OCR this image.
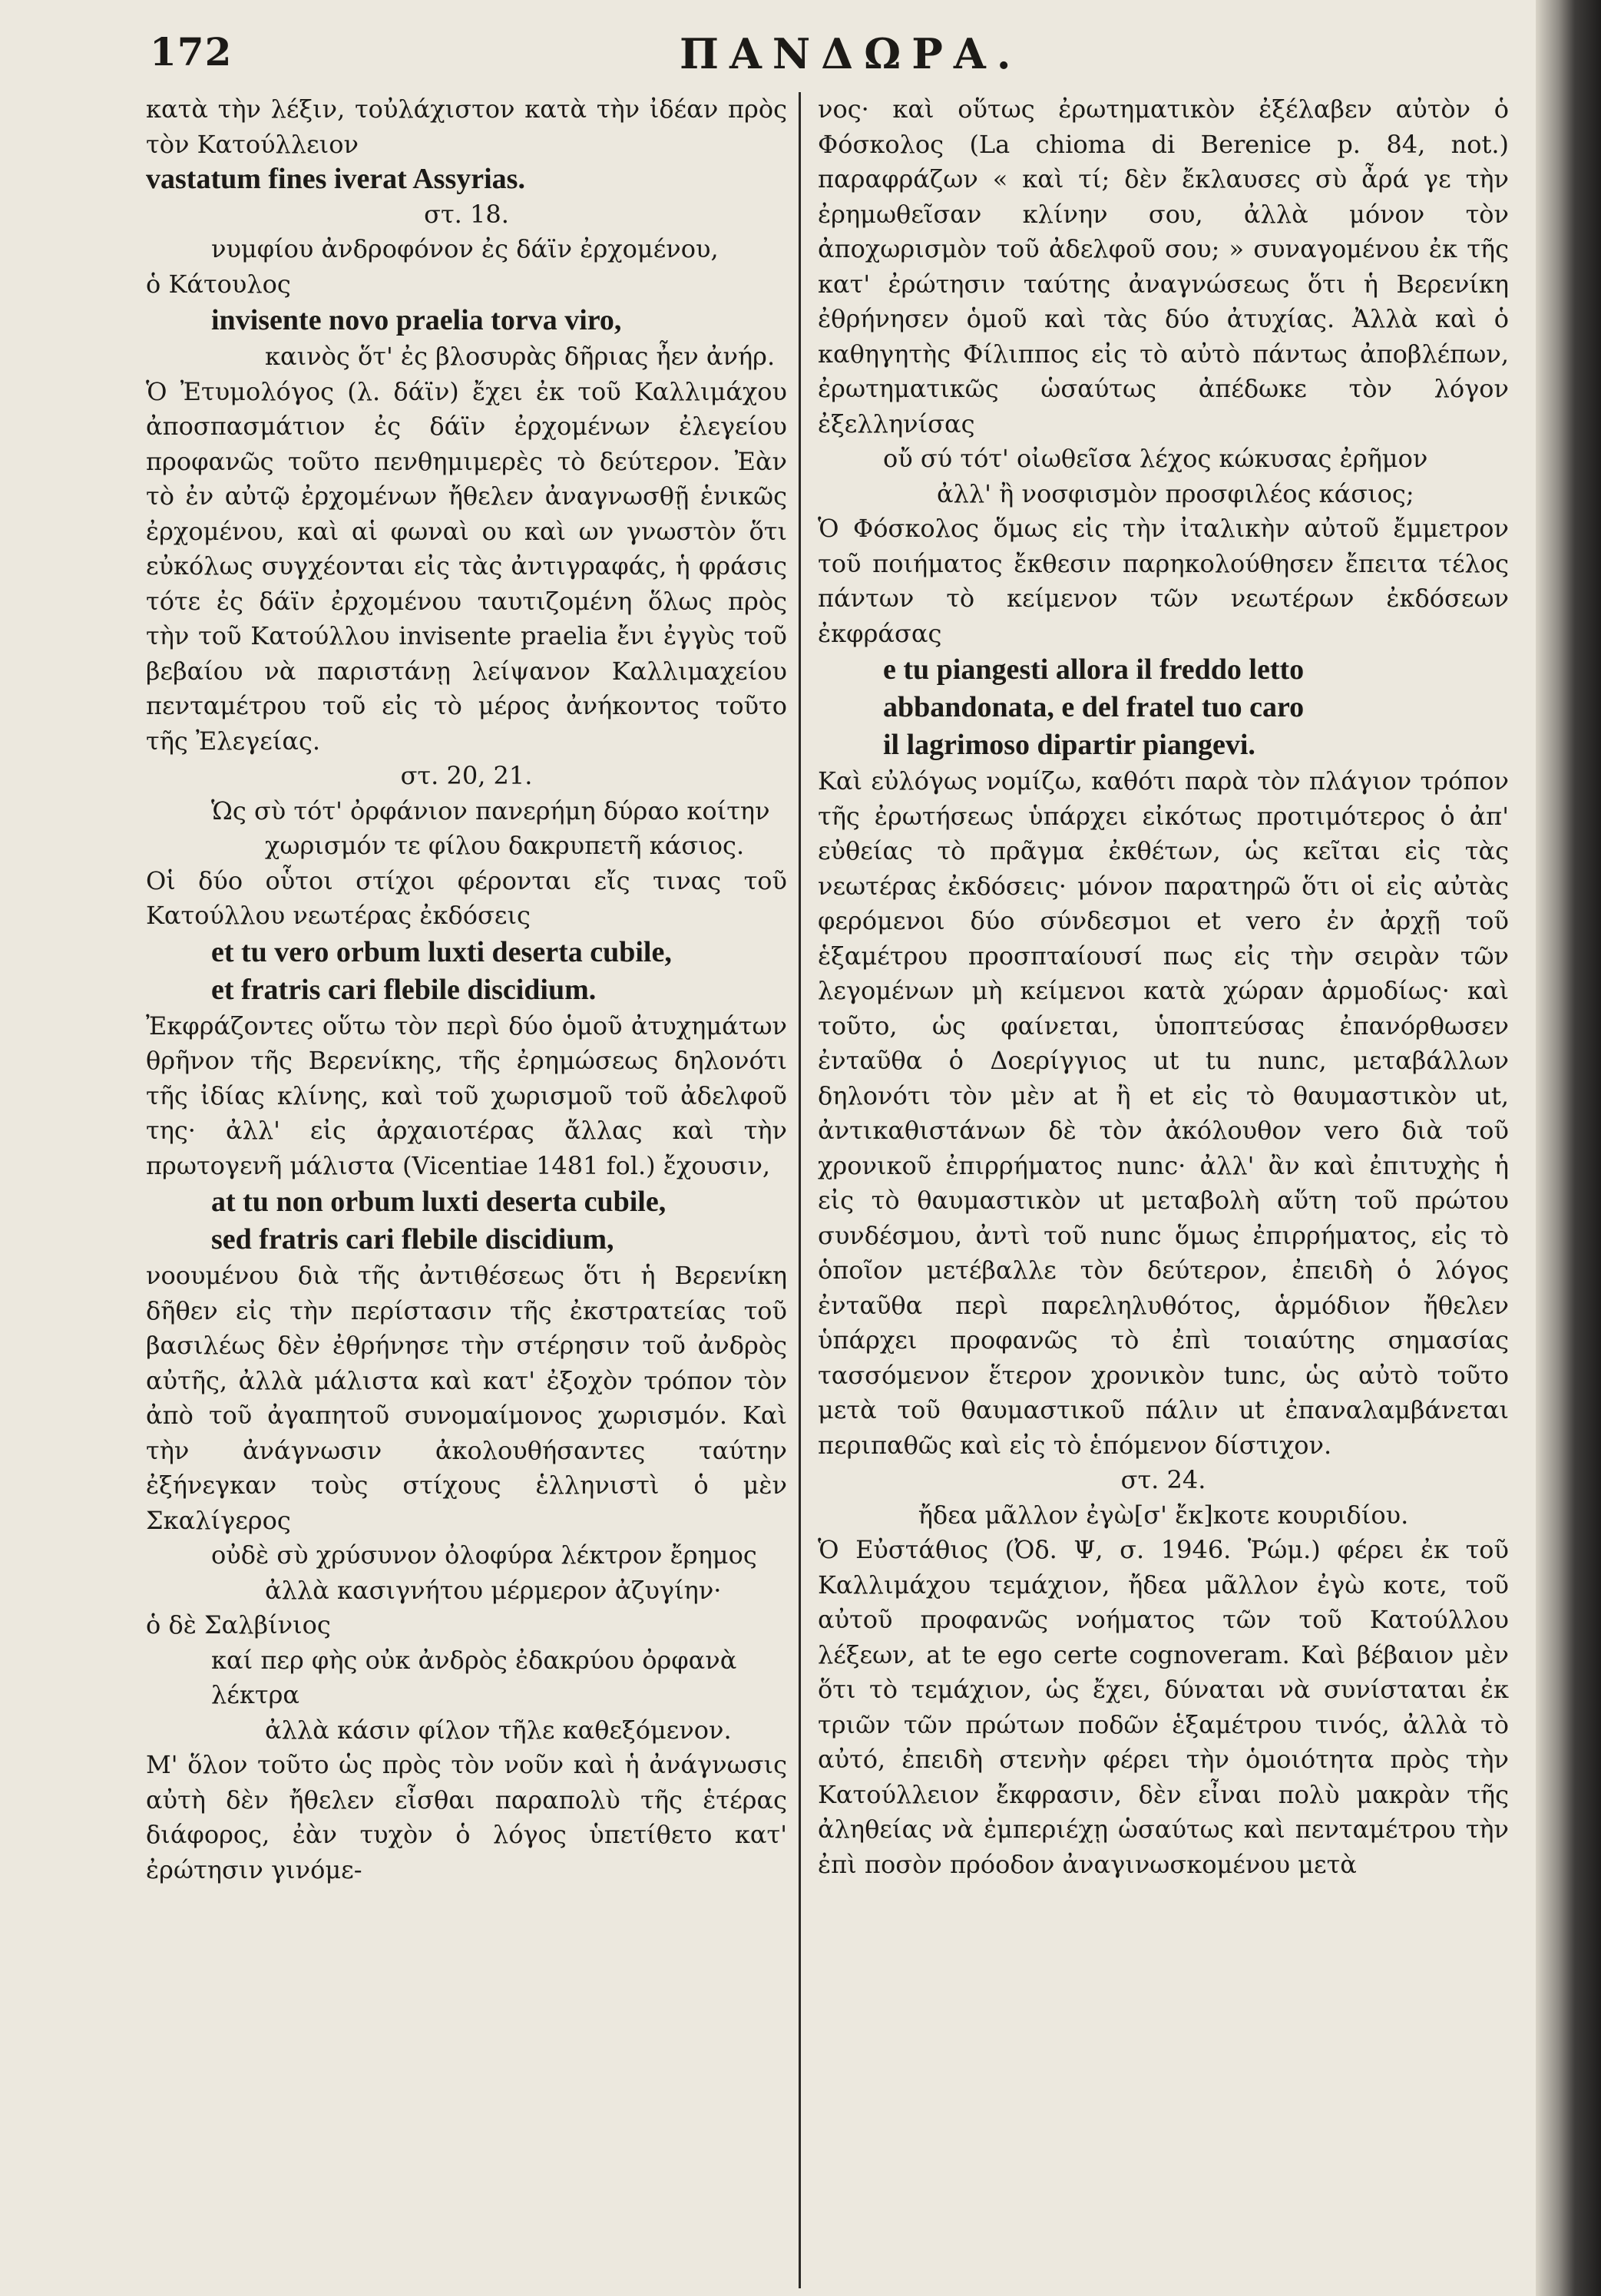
172	ΠΑΝΔΩΡΑ.
κατὰ τὴν λέξιν, τοὐλάχιστον κατὰ τὴν ἰδέαν πρὸς τὸν Κατούλλειον
vastatum fines iverat Assyrias.
στ. 18.
νυμφίου ἀνδροφόνον ἐς δάϊν ἐρχομένου,
ὁ Κάτουλος
invisente novo praelia torva viro,
καινὸς ὅτ' ἐς βλοσυρὰς δῆριας ἦεν ἀνήρ.
Ὁ Ἐτυμολόγος (λ. δάϊν) ἔχει ἐκ τοῦ Καλλιμάχου ἀποσπασμάτιον ἐς δάϊν ἐρχομένων ἐλεγείου προφανῶς τοῦτο πενθημιμερὲς τὸ δεύτερον. Ἐὰν τὸ ἐν αὐτῷ ἐρχομένων ἤθελεν ἀναγνωσθῇ ἑνικῶς ἐρχομένου, καὶ αἱ φωναὶ ου καὶ ων γνωστὸν ὅτι εὐκόλως συγχέονται εἰς τὰς ἀντιγραφάς, ἡ φράσις τότε ἐς δάϊν ἐρχομένου ταυτιζομένη ὅλως πρὸς τὴν τοῦ Κατούλλου invisente praelia ἔνι ἐγγὺς τοῦ βεβαίου νὰ παριστάνῃ λείψανον Καλλιμαχείου πενταμέτρου τοῦ εἰς τὸ μέρος ἀνήκοντος τοῦτο τῆς Ἐλεγείας.
στ. 20, 21.
Ὡς σὺ τότ' ὀρφάνιον πανερήμη δύραο κοίτην
χωρισμόν τε φίλου δακρυπετῆ κάσιος.
Οἱ δύο οὗτοι στίχοι φέρονται εἴς τινας τοῦ Κατούλλου νεωτέρας ἐκδόσεις
et tu vero orbum luxti deserta cubile,
et fratris cari flebile discidium.
Ἐκφράζοντες οὕτω τὸν περὶ δύο ὁμοῦ ἀτυχημάτων θρῆνον τῆς Βερενίκης, τῆς ἐρημώσεως δηλονότι τῆς ἰδίας κλίνης, καὶ τοῦ χωρισμοῦ τοῦ ἀδελφοῦ της· ἀλλ' εἰς ἀρχαιοτέρας ἄλλας καὶ τὴν πρωτογενῆ μάλιστα (Vicentiae 1481 fol.) ἔχουσιν,
at tu non orbum luxti deserta cubile,
sed fratris cari flebile discidium,
νοουμένου διὰ τῆς ἀντιθέσεως ὅτι ἡ Βερενίκη δῆθεν εἰς τὴν περίστασιν τῆς ἐκστρατείας τοῦ βασιλέως δὲν ἐθρήνησε τὴν στέρησιν τοῦ ἀνδρὸς αὐτῆς, ἀλλὰ μάλιστα καὶ κατ' ἐξοχὸν τρόπον τὸν ἀπὸ τοῦ ἀγαπητοῦ συνομαίμονος χωρισμόν. Καὶ τὴν ἀνάγνωσιν ἀκολουθήσαντες ταύτην ἐξήνεγκαν τοὺς στίχους ἑλληνιστὶ ὁ μὲν Σκαλίγερος
οὐδὲ σὺ χρύσυνον ὀλοφύρα λέκτρον ἔρημος
ἀλλὰ κασιγνήτου μέρμερον ἀζυγίην·
ὁ δὲ Σαλβίνιος
καί περ φὴς οὐκ ἀνδρὸς ἐδακρύου ὀρφανὰ λέκτρα
ἀλλὰ κάσιν φίλον τῆλε καθεξόμενον.
Μ' ὅλον τοῦτο ὡς πρὸς τὸν νοῦν καὶ ἡ ἀνάγνωσις αὐτὴ δὲν ἤθελεν εἶσθαι παραπολὺ τῆς ἑτέρας διάφορος, ἐὰν τυχὸν ὁ λόγος ὑπετίθετο κατ' ἐρώτησιν γινόμε-
νος· καὶ οὕτως ἐρωτηματικὸν ἐξέλαβεν αὐτὸν ὁ Φόσκολος (La chioma di Berenice p. 84, not.) παραφράζων « καὶ τί; δὲν ἔκλαυσες σὺ ἆρά γε τὴν ἐρημωθεῖσαν κλίνην σου, ἀλλὰ μόνον τὸν ἀποχωρισμὸν τοῦ ἀδελφοῦ σου; » συναγομένου ἐκ τῆς κατ' ἐρώτησιν ταύτης ἀναγνώσεως ὅτι ἡ Βερενίκη ἐθρήνησεν ὁμοῦ καὶ τὰς δύο ἀτυχίας. Ἀλλὰ καὶ ὁ καθηγητὴς Φίλιππος εἰς τὸ αὐτὸ πάντως ἀποβλέπων, ἐρωτηματικῶς ὡσαύτως ἀπέδωκε τὸν λόγον ἐξελληνίσας
οὔ σύ τότ' οἰωθεῖσα λέχος κώκυσας ἐρῆμον
ἀλλ' ἢ νοσφισμὸν προσφιλέος κάσιος;
Ὁ Φόσκολος ὅμως εἰς τὴν ἰταλικὴν αὐτοῦ ἔμμετρον τοῦ ποιήματος ἔκθεσιν παρηκολούθησεν ἔπειτα τέλος πάντων τὸ κείμενον τῶν νεωτέρων ἐκδόσεων ἐκφράσας
e tu piangesti allora il freddo letto
abbandonata, e del fratel tuo caro
il lagrimoso dipartir piangevi.
Καὶ εὐλόγως νομίζω, καθότι παρὰ τὸν πλάγιον τρόπον τῆς ἐρωτήσεως ὑπάρχει εἰκότως προτιμότερος ὁ ἀπ' εὐθείας τὸ πρᾶγμα ἐκθέτων, ὡς κεῖται εἰς τὰς νεωτέρας ἐκδόσεις· μόνον παρατηρῶ ὅτι οἱ εἰς αὐτὰς φερόμενοι δύο σύνδεσμοι et vero ἐν ἀρχῇ τοῦ ἑξαμέτρου προσπταίουσί πως εἰς τὴν σειρὰν τῶν λεγομένων μὴ κείμενοι κατὰ χώραν ἁρμοδίως· καὶ τοῦτο, ὡς φαίνεται, ὑποπτεύσας ἐπανόρθωσεν ἐνταῦθα ὁ Δοερίγγιος ut tu nunc, μεταβάλλων δηλονότι τὸν μὲν at ἢ et εἰς τὸ θαυμαστικὸν ut, ἀντικαθιστάνων δὲ τὸν ἀκόλουθον vero διὰ τοῦ χρονικοῦ ἐπιρρήματος nunc· ἀλλ' ἂν καὶ ἐπιτυχὴς ἡ εἰς τὸ θαυμαστικὸν ut μεταβολὴ αὕτη τοῦ πρώτου συνδέσμου, ἀντὶ τοῦ nunc ὅμως ἐπιρρήματος, εἰς τὸ ὁποῖον μετέβαλλε τὸν δεύτερον, ἐπειδὴ ὁ λόγος ἐνταῦθα περὶ παρεληλυθότος, ἁρμόδιον ἤθελεν ὑπάρχει προφανῶς τὸ ἐπὶ τοιαύτης σημασίας τασσόμενον ἕτερον χρονικὸν tunc, ὡς αὐτὸ τοῦτο μετὰ τοῦ θαυμαστικοῦ πάλιν ut ἐπαναλαμβάνεται περιπαθῶς καὶ εἰς τὸ ἑπόμενον δίστιχον.
στ. 24.
ἤδεα μᾶλλον ἐγὼ[σ' ἔκ]κοτε κουριδίου.
Ὁ Εὐστάθιος (Ὀδ. Ψ, σ. 1946. Ῥώμ.) φέρει ἐκ τοῦ Καλλιμάχου τεμάχιον, ἤδεα μᾶλλον ἐγὼ κοτε, τοῦ αὐτοῦ προφανῶς νοήματος τῶν τοῦ Κατούλλου λέξεων, at te ego certe cognoveram. Καὶ βέβαιον μὲν ὅτι τὸ τεμάχιον, ὡς ἔχει, δύναται νὰ συνίσταται ἐκ τριῶν τῶν πρώτων ποδῶν ἑξαμέτρου τινός, ἀλλὰ τὸ αὐτό, ἐπειδὴ στενὴν φέρει τὴν ὁμοιότητα πρὸς τὴν Κατούλλειον ἔκφρασιν, δὲν εἶναι πολὺ μακρὰν τῆς ἀληθείας νὰ ἐμπεριέχῃ ὡσαύτως καὶ πενταμέτρου τὴν ἐπὶ ποσὸν πρόοδον ἀναγινωσκομένου μετὰ
